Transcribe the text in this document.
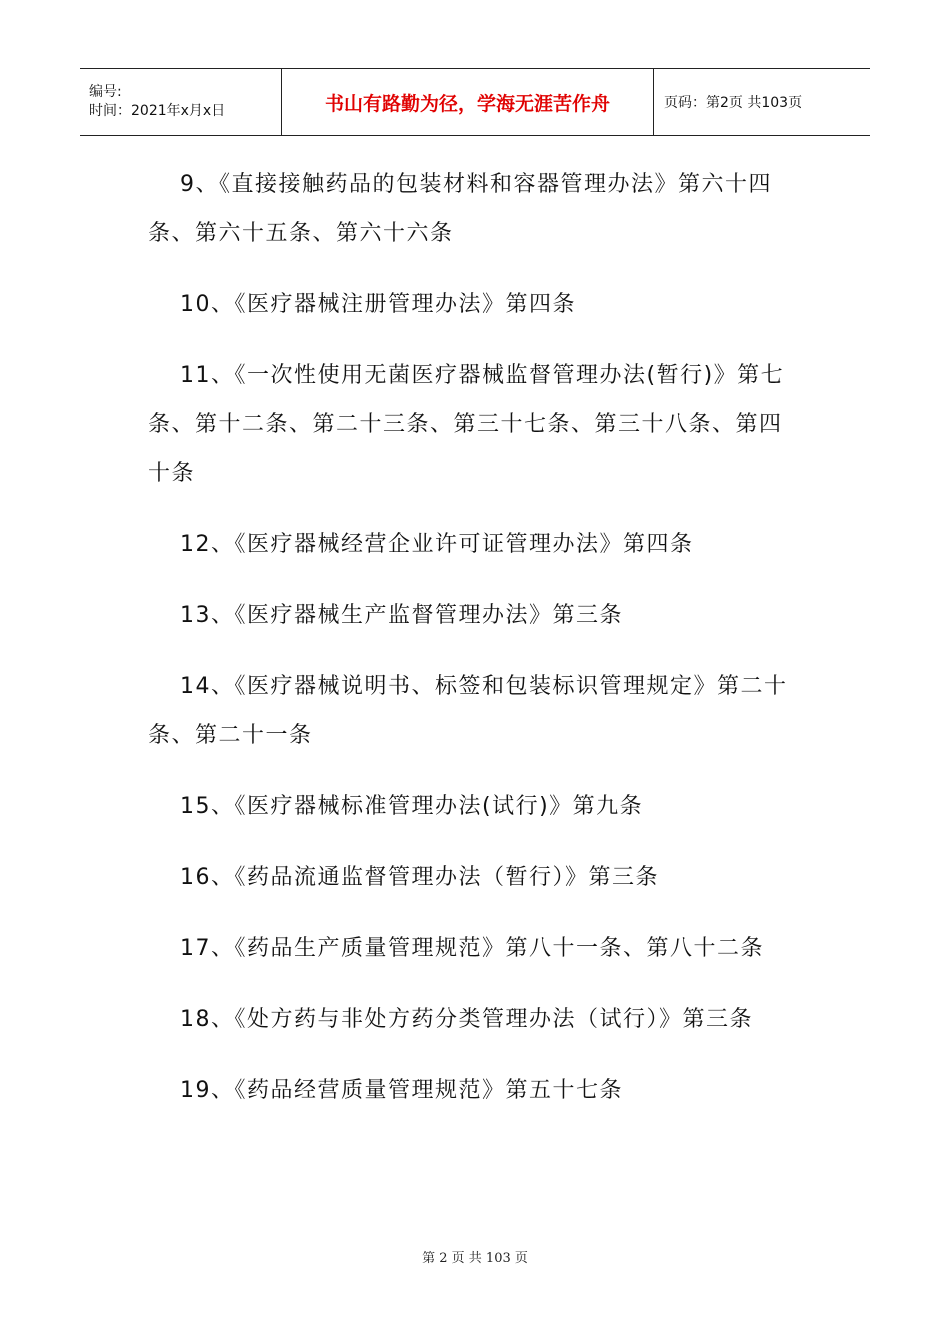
编号:
时间：2021年x月x日	书山有路勤为径，学海无涯苦作舟	页码：第2页 共103页
9、《直接接触药品的包装材料和容器管理办法》第六十四条、第六十五条、第六十六条
10、《医疗器械注册管理办法》第四条
11、《一次性使用无菌医疗器械监督管理办法(暂行)》第七条、第十二条、第二十三条、第三十七条、第三十八条、第四十条
12、《医疗器械经营企业许可证管理办法》第四条
13、《医疗器械生产监督管理办法》第三条
14、《医疗器械说明书、标签和包装标识管理规定》第二十条、第二十一条
15、《医疗器械标准管理办法(试行)》第九条
16、《药品流通监督管理办法（暂行）》第三条
17、《药品生产质量管理规范》第八十一条、第八十二条
18、《处方药与非处方药分类管理办法（试行）》第三条
19、《药品经营质量管理规范》第五十七条
第 2 页 共 103 页
